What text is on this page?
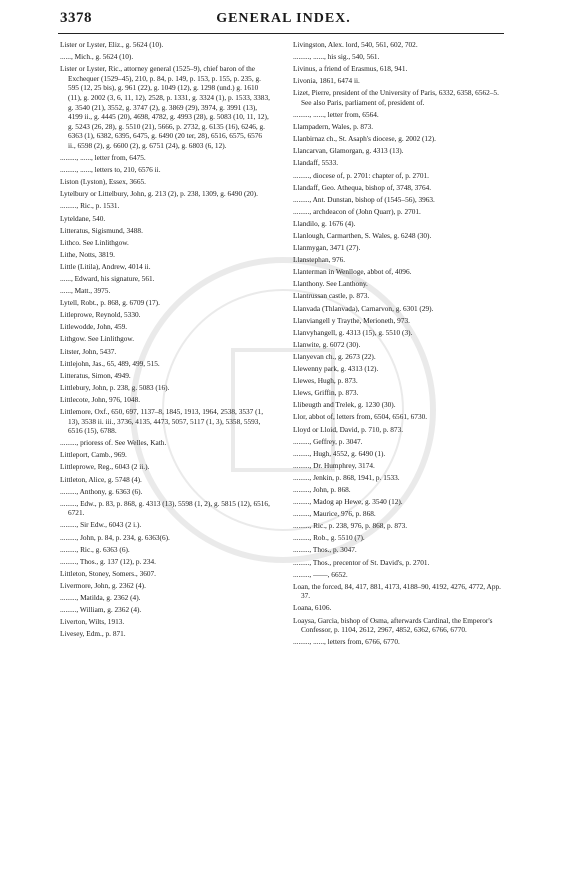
3378	GENERAL INDEX.
Lister or Lyster, Eliz., g. 5624 (10).
......, Mich., g. 5624 (10).
Lister or Lyster, Ric., attorney general (1525–9), chief baron of the Exchequer (1529–45), 210, p. 84, p. 149, p. 153, p. 155, p. 235, g. 595 (12, 25 bis), g. 961 (22), g. 1049 (12), g. 1298 (und.) g. 1610 (11), g. 2002 (3, 6, 11, 12), 2528, p. 1331, g. 3324 (1), p. 1533, 3383, g. 3540 (21), 3552, g. 3747 (2), g. 3869 (29), 3974, g. 3991 (13), 4199 ii., g. 4445 (20), 4698, 4782, g. 4993 (28), g. 5083 (10, 11, 12), g. 5243 (26, 28), g. 5510 (21), 5666, p. 2732, g. 6135 (16), 6246, g. 6363 (1), 6382, 6395, 6475, g. 6490 (20 ter, 28), 6516, 6575, 6576 ii., 6598 (2), g. 6600 (2), g. 6751 (24), g. 6803 (6, 12).
........., ......, letter from, 6475.
........., ......, letters to, 210, 6576 ii.
Liston (Lyston), Essex, 3665.
Lytelbury or Littelbury, John, g. 213 (2), p. 238, 1309, g. 6490 (20).
........., Ric., p. 1531.
Lyteldane, 540.
Litteratus, Sigismund, 3488.
Lithco. See Linlithgow.
Lithe, Notts, 3819.
Little (Litila), Andrew, 4014 ii.
......, Edward, his signature, 561.
......, Matt., 3975.
Lytell, Robt., p. 868, g. 6709 (17).
Litleprowe, Reynold, 5330.
Litlewodde, John, 459.
Lithgow. See Linlithgow.
Litster, John, 5437.
Littlejohn, Jas., 65, 489, 499, 515.
Litteratus, Simon, 4949.
Littlebury, John, p. 238, g. 5083 (16).
Littlecote, John, 976, 1048.
Littlemore, Oxf., 650, 697, 1137–8, 1845, 1913, 1964, 2538, 3537 (1, 13), 3538 ii. iii., 3736, 4135, 4473, 5057, 5117 (1, 3), 5358, 5593, 6516 (15), 6788.
........., prioress of. See Welles, Kath.
Littleport, Camb., 969.
Littleprowe, Reg., 6043 (2 ii.).
Littleton, Alice, g. 5748 (4).
........., Anthony, g. 6363 (6).
........., Edw., p. 83, p. 868, g. 4313 (13), 5598 (1, 2), g. 5815 (12), 6516, 6721.
........., Sir Edw., 6043 (2 i.).
........., John, p. 84, p. 234, g. 6363(6).
........., Ric., g. 6363 (6).
........., Thos., g. 137 (12), p. 234.
Littleton, Stoney, Somers., 3607.
Livermore, John, g. 2362 (4).
........., Matilda, g. 2362 (4).
........., William, g. 2362 (4).
Liverton, Wilts, 1913.
Livesey, Edm., p. 871.
Livingston, Alex. lord, 540, 561, 602, 702.
........., ......, his sig., 540, 561.
Livinus, a friend of Erasmus, 618, 941.
Livonia, 1861, 6474 ii.
Lizet, Pierre, president of the University of Paris, 6332, 6358, 6562–5. See also Paris, parliament of, president of.
........., ......, letter from, 6564.
Llampadern, Wales, p. 873.
Llanbirnaz ch., St. Asaph's diocese, g. 2002 (12).
Llancarvan, Glamorgan, g. 4313 (13).
Llandaff, 5533.
........., diocese of, p. 2701: chapter of, p. 2701.
Llandaff, Geo. Athequa, bishop of, 3748, 3764.
........., Ant. Dunstan, bishop of (1545–56), 3963.
........., archdeacon of (John Quarr), p. 2701.
Llandilo, g. 1676 (4).
Llanlough, Carmarthen, S. Wales, g. 6248 (30).
Llanmygan, 3471 (27).
Llanstephan, 976.
Llanterman in Wenlloge, abbot of, 4096.
Llanthony. See Lanthony.
Llantrussan castle, p. 873.
Llanvada (Thlanvada), Carnarvon, g. 6301 (29).
Llanviangell y Traythe, Merioneth, 973.
Llanvyhangell, g. 4313 (15), g. 5510 (3).
Llanwite, g. 6072 (30).
Llanyevan ch., g. 2673 (22).
Llewenny park, g. 4313 (12).
Llewes, Hugh, p. 873.
Llews, Griffin, p. 873.
Llibeugth and Trelek, g. 1230 (30).
Llor, abbot of, letters from, 6504, 6561, 6730.
Lloyd or Lloid, David, p. 710, p. 873.
........., Geffrey, p. 3047.
........., Hugh, 4552, g. 6490 (1).
........., Dr. Humphrey, 3174.
........., Jenkin, p. 868, 1941, p. 1533.
........., John, p. 868.
........., Madog ap Hewe, g. 3540 (12).
........., Maurice, 976, p. 868.
........., Ric., p. 238, 976, p. 868, p. 873.
........., Rob., g. 5510 (7).
........., Thos., p. 3047.
........., Thos., precentor of St. David's, p. 2701.
........., ——, 6652.
Loan, the forced, 84, 417, 881, 4173, 4188–90, 4192, 4276, 4772, App. 37.
Loana, 6106.
Loaysa, Garcia, bishop of Osma, afterwards Cardinal, the Emperor's Confessor, p. 1104, 2612, 2967, 4852, 6362, 6766, 6770.
........., ......, letters from, 6766, 6770.
